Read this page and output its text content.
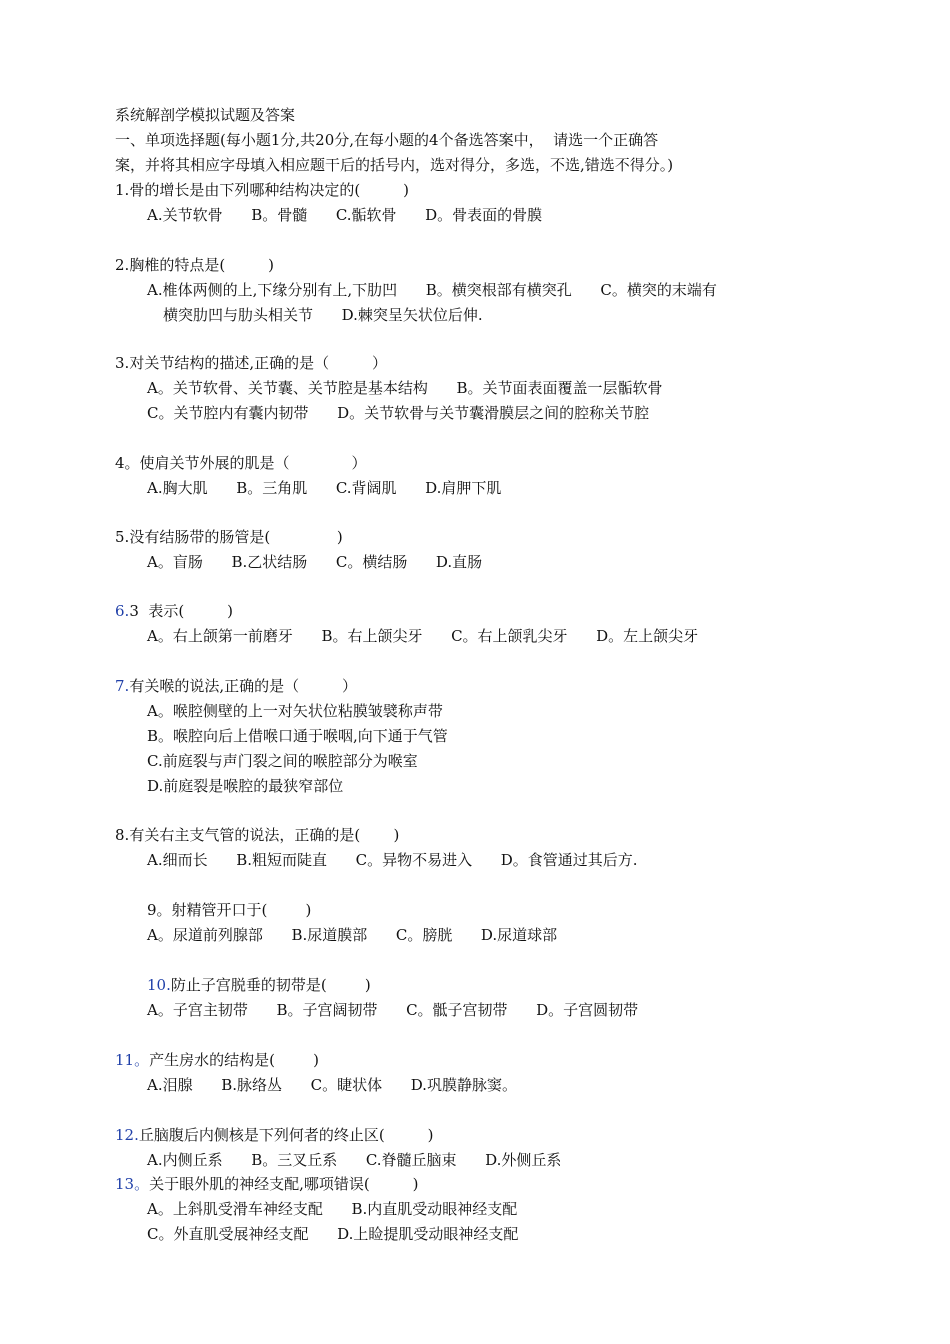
系统解剖学模拟试题及答案
一、单项选择题(每小题1分,共20分,在每小题的4个备选答案中，  请选一个正确答
案，并将其相应字母填入相应题干后的括号内，选对得分，多选，不选,错选不得分。)
1.骨的增长是由下列哪种结构决定的(         )
A.关节软骨      B。骨髓      C.骺软骨      D。骨表面的骨膜
2.胸椎的特点是(         )
A.椎体两侧的上,下缘分别有上,下肋凹      B。横突根部有横突孔      C。横突的末端有
横突肋凹与肋头相关节      D.棘突呈矢状位后伸.
3.对关节结构的描述,正确的是（         ）
A。关节软骨、关节囊、关节腔是基本结构      B。关节面表面覆盖一层骺软骨
C。关节腔内有囊内韧带      D。关节软骨与关节囊滑膜层之间的腔称关节腔
4。使肩关节外展的肌是（             ）
A.胸大肌      B。三角肌      C.背阔肌      D.肩胛下肌
5.没有结肠带的肠管是(              )
A。盲肠      B.乙状结肠      C。横结肠      D.直肠
6.3  表示(         )
A。右上颌第一前磨牙      B。右上颌尖牙      C。右上颌乳尖牙      D。左上颌尖牙
7.有关喉的说法,正确的是（         ）
A。喉腔侧壁的上一对矢状位粘膜皱襞称声带
B。喉腔向后上借喉口通于喉咽,向下通于气管
C.前庭裂与声门裂之间的喉腔部分为喉室
D.前庭裂是喉腔的最狭窄部位
8.有关右主支气管的说法，正确的是(       )
A.细而长      B.粗短而陡直      C。异物不易进入      D。食管通过其后方.
9。射精管开口于(        )
A。尿道前列腺部      B.尿道膜部      C。膀胱      D.尿道球部
10.防止子宫脱垂的韧带是(        )
A。子宫主韧带      B。子宫阔韧带      C。骶子宫韧带      D。子宫圆韧带
11。产生房水的结构是(        )
A.泪腺      B.脉络丛      C。睫状体      D.巩膜静脉窦。
12.丘脑腹后内侧核是下列何者的终止区(         )
A.内侧丘系      B。三叉丘系      C.脊髓丘脑束      D.外侧丘系
13。关于眼外肌的神经支配,哪项错误(         )
A。上斜肌受滑车神经支配      B.内直肌受动眼神经支配
C。外直肌受展神经支配      D.上睑提肌受动眼神经支配
